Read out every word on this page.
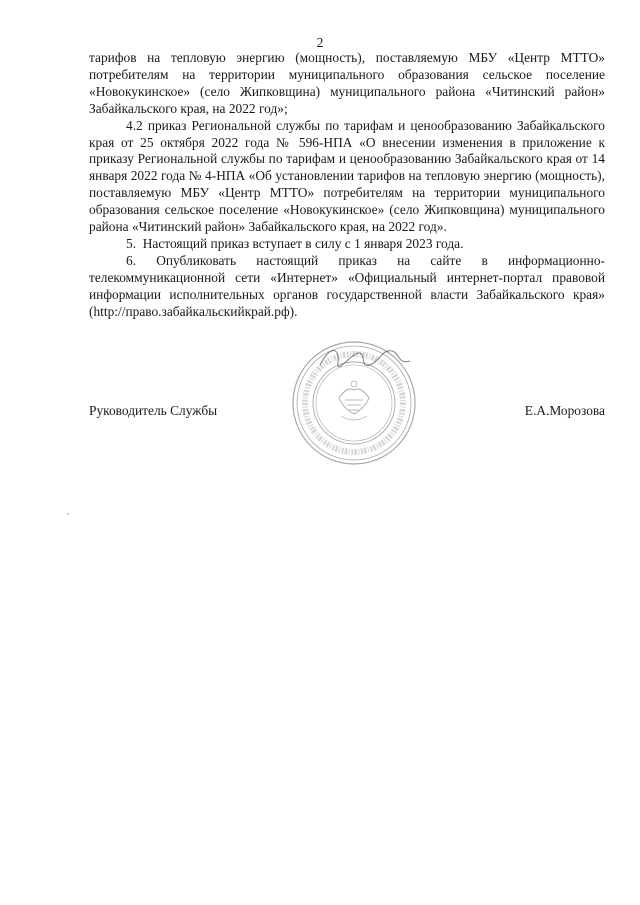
2

тарифов на тепловую энергию (мощность), поставляемую МБУ «Центр МТТО» потребителям на территории муниципального образования сельское поселение «Новокукинское» (село Жипковщина) муниципального района «Читинский район» Забайкальского края, на 2022 год»;

4.2 приказ Региональной службы по тарифам и ценообразованию Забайкальского края от 25 октября 2022 года № 596-НПА «О внесении изменения в приложение к приказу Региональной службы по тарифам и ценообразованию Забайкальского края от 14 января 2022 года № 4-НПА «Об установлении тарифов на тепловую энергию (мощность), поставляемую МБУ «Центр МТТО» потребителям на территории муниципального образования сельское поселение «Новокукинское» (село Жипковщина) муниципального района «Читинский район» Забайкальского края, на 2022 год».

5. Настоящий приказ вступает в силу с 1 января 2023 года.

6. Опубликовать настоящий приказ на сайте в информационно-телекоммуникационной сети «Интернет» «Официальный интернет-портал правовой информации исполнительных органов государственной власти Забайкальского края» (http://право.забайкальскийкрай.рф).

Руководитель Службы	Е.А.Морозова
